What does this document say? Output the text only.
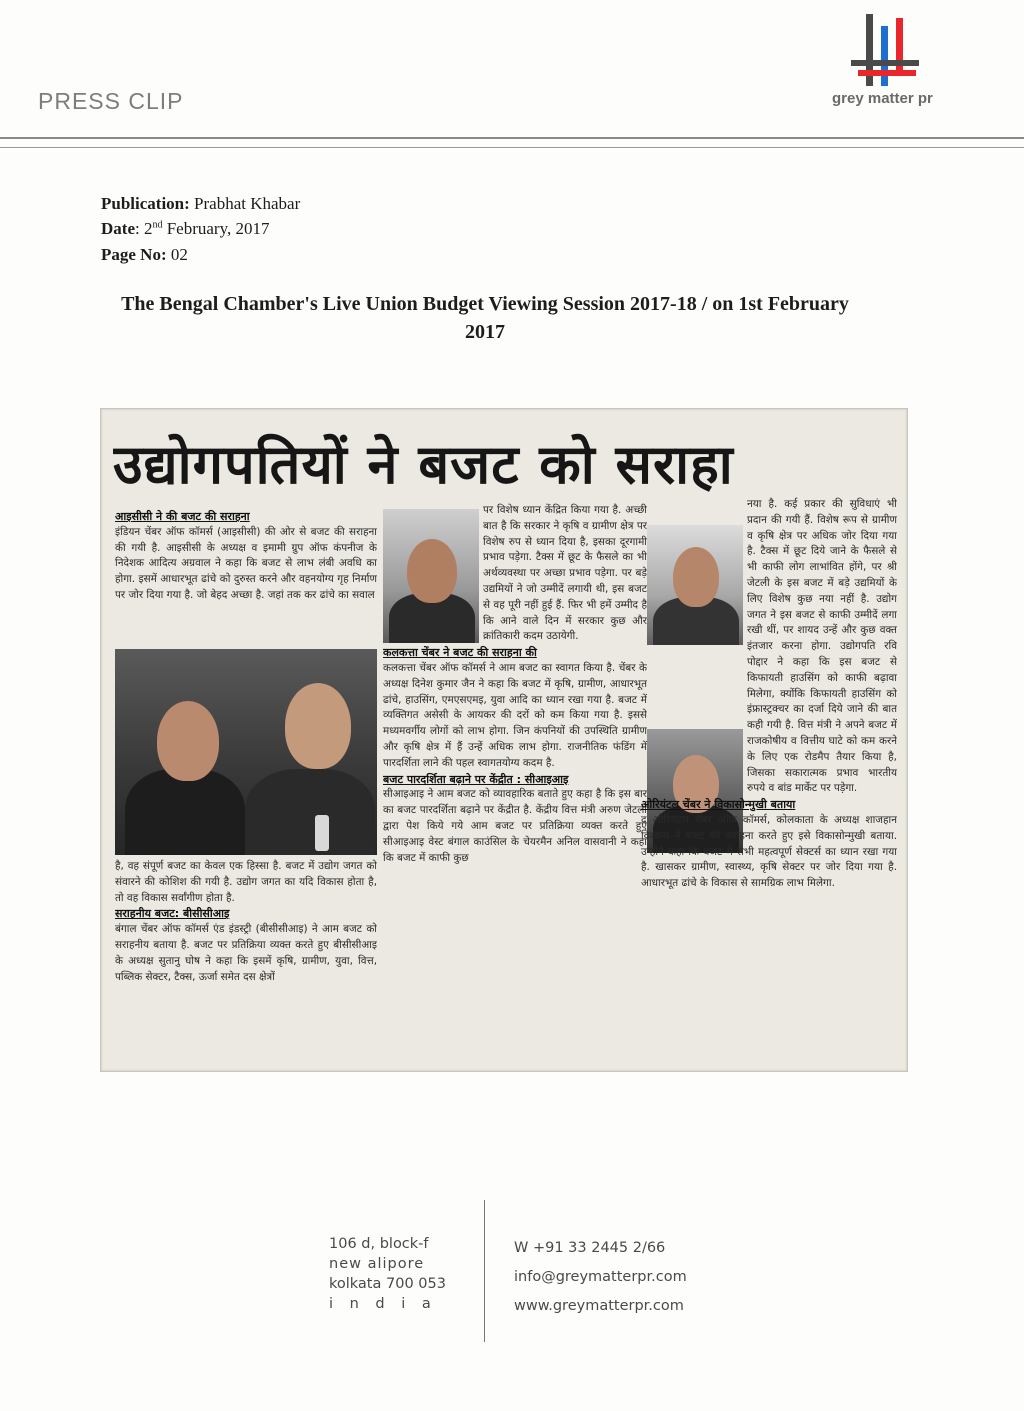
PRESS CLIP	grey matter pr
Publication: Prabhat Khabar
Date: 2nd February, 2017
Page No: 02
The Bengal Chamber's Live Union Budget Viewing Session 2017-18 / on 1st February 2017
उद्योगपतियों ने बजट को सराहा
आइसीसी ने की बजट की सराहना
इंडियन चेंबर ऑफ कॉमर्स (आइसीसी) की ओर से बजट की सराहना की गयी है. आइसीसी के अध्यक्ष व इमामी ग्रुप ऑफ कंपनीज के निदेशक आदित्य अग्रवाल ने कहा कि बजट से लाभ लंबी अवधि का होगा. इसमें आधारभूत ढांचे को दुरुस्त करने और वहनयोग्य गृह निर्माण पर जोर दिया गया है. जो बेहद अच्छा है. जहां तक कर ढांचे का सवाल
है, वह संपूर्ण बजट का केवल एक हिस्सा है. बजट में उद्योग जगत को संवारने की कोशिश की गयी है. उद्योग जगत का यदि विकास होता है, तो वह विकास सर्वांगीण होता है.
सराहनीय बजट: बीसीसीआइ
बंगाल चेंबर ऑफ कॉमर्स एंड इंडस्ट्री (बीसीसीआइ) ने आम बजट को सराहनीय बताया है. बजट पर प्रतिक्रिया व्यक्त करते हुए बीसीसीआइ के अध्यक्ष सुतानु घोष ने कहा कि इसमें कृषि, ग्रामीण, युवा, वित्त, पब्लिक सेक्टर, टैक्स, ऊर्जा समेत दस क्षेत्रों
पर विशेष ध्यान केंद्रित किया गया है. अच्छी बात है कि सरकार ने कृषि व ग्रामीण क्षेत्र पर विशेष रुप से ध्यान दिया है, इसका दूरगामी प्रभाव पड़ेगा. टैक्स में छूट के फैसले का भी अर्थव्यवस्था पर अच्छा प्रभाव पड़ेगा. पर बड़े उद्यमियों ने जो उम्मीदें लगायी थी, इस बजट से वह पूरी नहीं हुई हैं. फिर भी हमें उम्मीद है कि आने वाले दिन में सरकार कुछ और क्रांतिकारी कदम उठायेगी.
कलकत्ता चेंबर ने बजट की सराहना की
कलकत्ता चेंबर ऑफ कॉमर्स ने आम बजट का स्वागत किया है. चेंबर के अध्यक्ष दिनेश कुमार जैन ने कहा कि बजट में कृषि, ग्रामीण, आधारभूत ढांचे, हाउसिंग, एमएसएमइ, युवा आदि का ध्यान रखा गया है. बजट में व्यक्तिगत असेसी के आयकर की दरों को कम किया गया है. इससे मध्यमवर्गीय लोगों को लाभ होगा. जिन कंपनियों की उपस्थिति ग्रामीण और कृषि क्षेत्र में हैं उन्हें अधिक लाभ होगा. राजनीतिक फंडिंग में पारदर्शिता लाने की पहल स्वागतयोग्य कदम है.
बजट पारदर्शिता बढ़ाने पर केंद्रीत : सीआइआइ
सीआइआइ ने आम बजट को व्यावहारिक बताते हुए कहा है कि इस बार का बजट पारदर्शिता बढ़ाने पर केंद्रीत है. केंद्रीय वित्त मंत्री अरुण जेटली द्वारा पेश किये गये आम बजट पर प्रतिक्रिया व्यक्त करते हुए सीआइआइ वेस्ट बंगाल काउंसिल के चेयरमैन अनिल वासवानी ने कहा कि बजट में काफी कुछ
नया है. कई प्रकार की सुविधाएं भी प्रदान की गयी हैं. विशेष रूप से ग्रामीण व कृषि क्षेत्र पर अधिक जोर दिया गया है. टैक्स में छूट दिये जाने के फैसले से भी काफी लोग लाभांवित होंगे, पर श्री जेटली के इस बजट में बड़े उद्यमियों के लिए विशेष कुछ नया नहीं है. उद्योग जगत ने इस बजट से काफी उम्मीदें लगा रखी थीं, पर शायद उन्हें और कुछ वक्त इंतजार करना होगा. उद्योगपति रवि पोद्दार ने कहा कि इस बजट से किफायती हाउसिंग को काफी बढ़ावा मिलेगा, क्योंकि किफायती हाउसिंग को इंफ्रास्ट्रक्चर का दर्जा दिये जाने की बात कही गयी है. वित्त मंत्री ने अपने बजट में राजकोषीय व वित्तीय घाटे को कम करने के लिए एक रोडमैप तैयार किया है, जिसका सकारात्मक प्रभाव भारतीय रुपये व बांड मार्केट पर पड़ेगा.
ओरियंटल चेंबर ने विकासोन्मुखी बताया
द ओरियंटल चेंबर ऑफ कॉमर्स, कोलकाता के अध्यक्ष शाजहान विश्वास ने बजट की सराहना करते हुए इसे विकासोन्मुखी बताया. उन्होंने कहा कि बजट में सभी महत्वपूर्ण सेक्टर्स का ध्यान रखा गया है. खासकर ग्रामीण, स्वास्थ्य, कृषि सेक्टर पर जोर दिया गया है. आधारभूत ढांचे के विकास से सामग्रिक लाभ मिलेगा.
106 d, block-f
new alipore
kolkata 700 053
i n d i a
W +91 33 2445 2/66
info@greymatterpr.com
www.greymatterpr.com
